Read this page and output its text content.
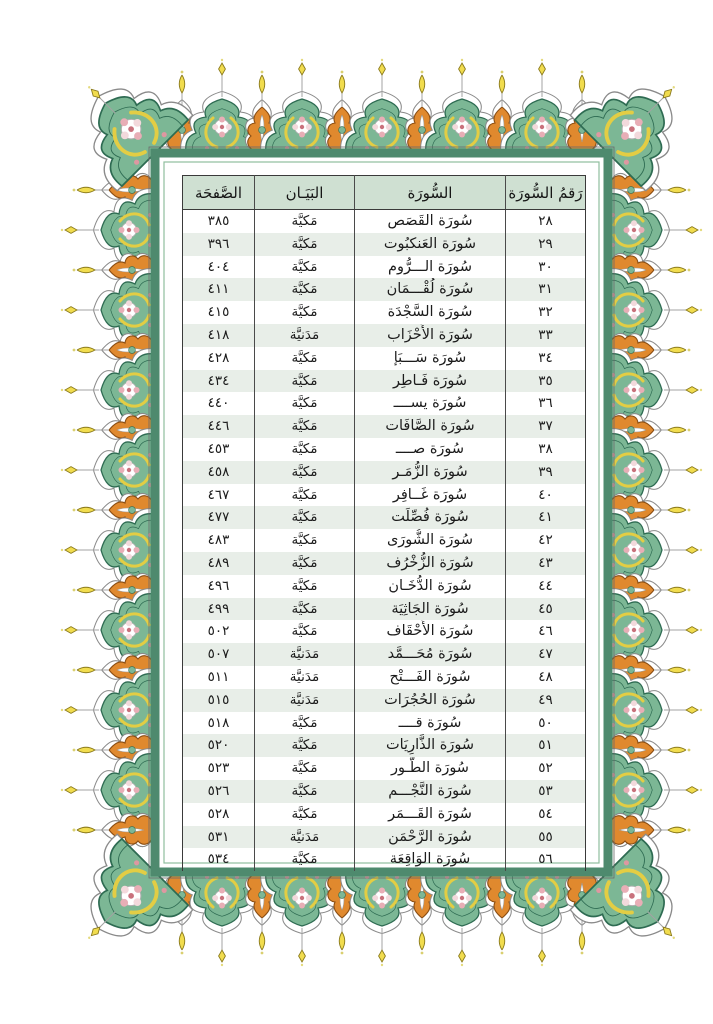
رَقمُ السُّورَة	السُّورَة	البَيَـان	الصَّفحَة
٢٨	سُورَة القَصَص	مَكيَّة	٣٨٥
٢٩	سُورَة العَنكبُوت	مَكيَّة	٣٩٦
٣٠	سُورَة الـــرُّوم	مَكيَّة	٤٠٤
٣١	سُورَة لُقْـــمَان	مَكيَّة	٤١١
٣٢	سُورَة السَّجْدَة	مَكيَّة	٤١٥
٣٣	سُورَة الأَحْزَاب	مَدَنيَّة	٤١٨
٣٤	سُورَة سَـــبَإ	مَكيَّة	٤٢٨
٣٥	سُورَة فَـاطِر	مَكيَّة	٤٣٤
٣٦	سُورَة يســــ	مَكيَّة	٤٤٠
٣٧	سُورَة الصَّافَات	مَكيَّة	٤٤٦
٣٨	سُورَة صــــ	مَكيَّة	٤٥٣
٣٩	سُورَة الزُّمَـر	مَكيَّة	٤٥٨
٤٠	سُورَة غَــافِر	مَكيَّة	٤٦٧
٤١	سُورَة فُصِّلَت	مَكيَّة	٤٧٧
٤٢	سُورَة الشُّورَى	مَكيَّة	٤٨٣
٤٣	سُورَة الزُّخْرُف	مَكيَّة	٤٨٩
٤٤	سُورَة الدُّخَـان	مَكيَّة	٤٩٦
٤٥	سُورَة الجَاثِيَة	مَكيَّة	٤٩٩
٤٦	سُورَة الأَحْقَاف	مَكيَّة	٥٠٢
٤٧	سُورَة مُحَـــمَّد	مَدَنيَّة	٥٠٧
٤٨	سُورَة الفَـــتْح	مَدَنيَّة	٥١١
٤٩	سُورَة الحُجُرَات	مَدَنيَّة	٥١٥
٥٠	سُورَة قــــ	مَكيَّة	٥١٨
٥١	سُورَة الذَّارِيَات	مَكيَّة	٥٢٠
٥٢	سُورَة الطُّـور	مَكيَّة	٥٢٣
٥٣	سُورَة النَّجْـــم	مَكيَّة	٥٢٦
٥٤	سُورَة القَـــمَر	مَكيَّة	٥٢٨
٥٥	سُورَة الرَّحْمَن	مَدَنيَّة	٥٣١
٥٦	سُورَة الوَاقِعَة	مَكيَّة	٥٣٤
